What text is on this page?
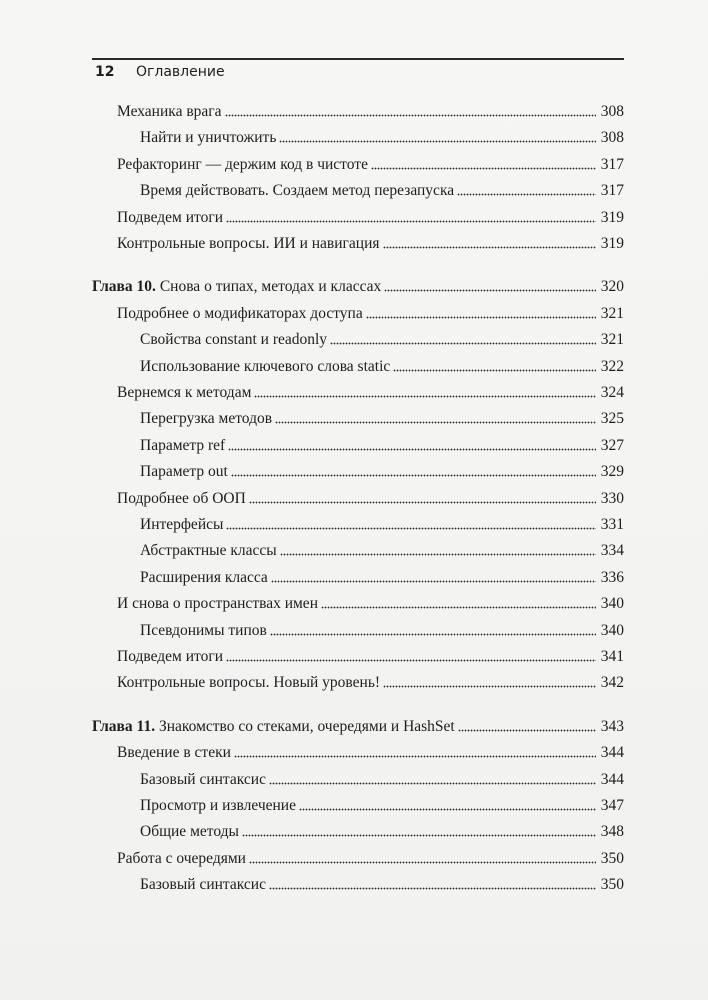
12 Оглавление
Механика врага	308
Найти и уничтожить	308
Рефакторинг — держим код в чистоте	317
Время действовать. Создаем метод перезапуска	317
Подведем итоги	319
Контрольные вопросы. ИИ и навигация	319
Глава 10. Снова о типах, методах и классах	320
Подробнее о модификаторах доступа	321
Свойства constant и readonly	321
Использование ключевого слова static	322
Вернемся к методам	324
Перегрузка методов	325
Параметр ref	327
Параметр out	329
Подробнее об ООП	330
Интерфейсы	331
Абстрактные классы	334
Расширения класса	336
И снова о пространствах имен	340
Псевдонимы типов	340
Подведем итоги	341
Контрольные вопросы. Новый уровень!	342
Глава 11. Знакомство со стеками, очередями и HashSet	343
Введение в стеки	344
Базовый синтаксис	344
Просмотр и извлечение	347
Общие методы	348
Работа с очередями	350
Базовый синтаксис	350
